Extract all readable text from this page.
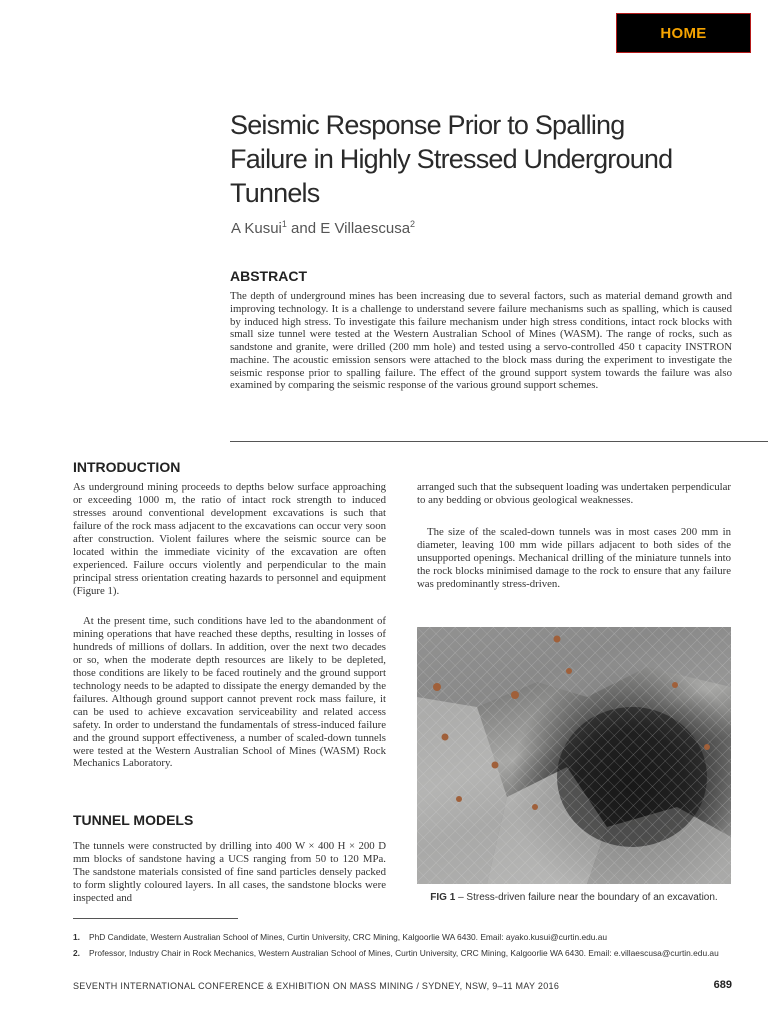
HOME
Seismic Response Prior to Spalling Failure in Highly Stressed Underground Tunnels
A Kusui$^1$ and E Villaescusa$^2$
ABSTRACT

The depth of underground mines has been increasing due to several factors, such as material demand growth and improving technology. It is a challenge to understand severe failure mechanisms such as spalling, which is caused by induced high stress. To investigate this failure mechanism under high stress conditions, intact rock blocks with small size tunnel were tested at the Western Australian School of Mines (WASM). The range of rocks, such as sandstone and granite, were drilled (200 mm hole) and tested using a servo-controlled 450 t capacity INSTRON machine. The acoustic emission sensors were attached to the block mass during the experiment to investigate the seismic response prior to spalling failure. The effect of the ground support system towards the failure was also examined by comparing the seismic response of the various ground support schemes.

INTRODUCTION

As underground mining proceeds to depths below surface approaching or exceeding 1000 m, the ratio of intact rock strength to induced stresses around conventional development excavations is such that failure of the rock mass adjacent to the excavations can occur very soon after construction. Violent failures where the seismic source can be located within the immediate vicinity of the excavation are often experienced. Failure occurs violently and perpendicular to the main principal stress orientation creating hazards to personnel and equipment (Figure 1).

At the present time, such conditions have led to the abandonment of mining operations that have reached these depths, resulting in losses of hundreds of millions of dollars. In addition, over the next two decades or so, when the moderate depth resources are likely to be depleted, those conditions are likely to be faced routinely and the ground support technology needs to be adapted to dissipate the energy demanded by the failures. Although ground support cannot prevent rock mass failure, it can be used to achieve excavation serviceability and related access safety. In order to understand the fundamentals of stress-induced failure and the ground support effectiveness, a number of scaled-down tunnels were tested at the Western Australian School of Mines (WASM) Rock Mechanics Laboratory.

TUNNEL MODELS

The tunnels were constructed by drilling into 400 W × 400 H × 200 D mm blocks of sandstone having a UCS ranging from 50 to 120 MPa. The sandstone materials consisted of fine sand particles densely packed to form slightly coloured layers. In all cases, the sandstone blocks were inspected and

arranged such that the subsequent loading was undertaken perpendicular to any bedding or obvious geological weaknesses.

The size of the scaled-down tunnels was in most cases 200 mm in diameter, leaving 100 mm wide pillars adjacent to both sides of the unsupported openings. Mechanical drilling of the miniature tunnels into the rock blocks minimised damage to the rock to ensure that any failure was predominantly stress-driven.

FIG 1 – Stress-driven failure near the boundary of an excavation.
1. PhD Candidate, Western Australian School of Mines, Curtin University, CRC Mining, Kalgoorlie WA 6430. Email: ayako.kusui@curtin.edu.au
2. Professor, Industry Chair in Rock Mechanics, Western Australian School of Mines, Curtin University, CRC Mining, Kalgoorlie WA 6430. Email: e.villaescusa@curtin.edu.au
SEVENTH INTERNATIONAL CONFERENCE & EXHIBITION ON MASS MINING / SYDNEY, NSW, 9–11 MAY 2016	689
